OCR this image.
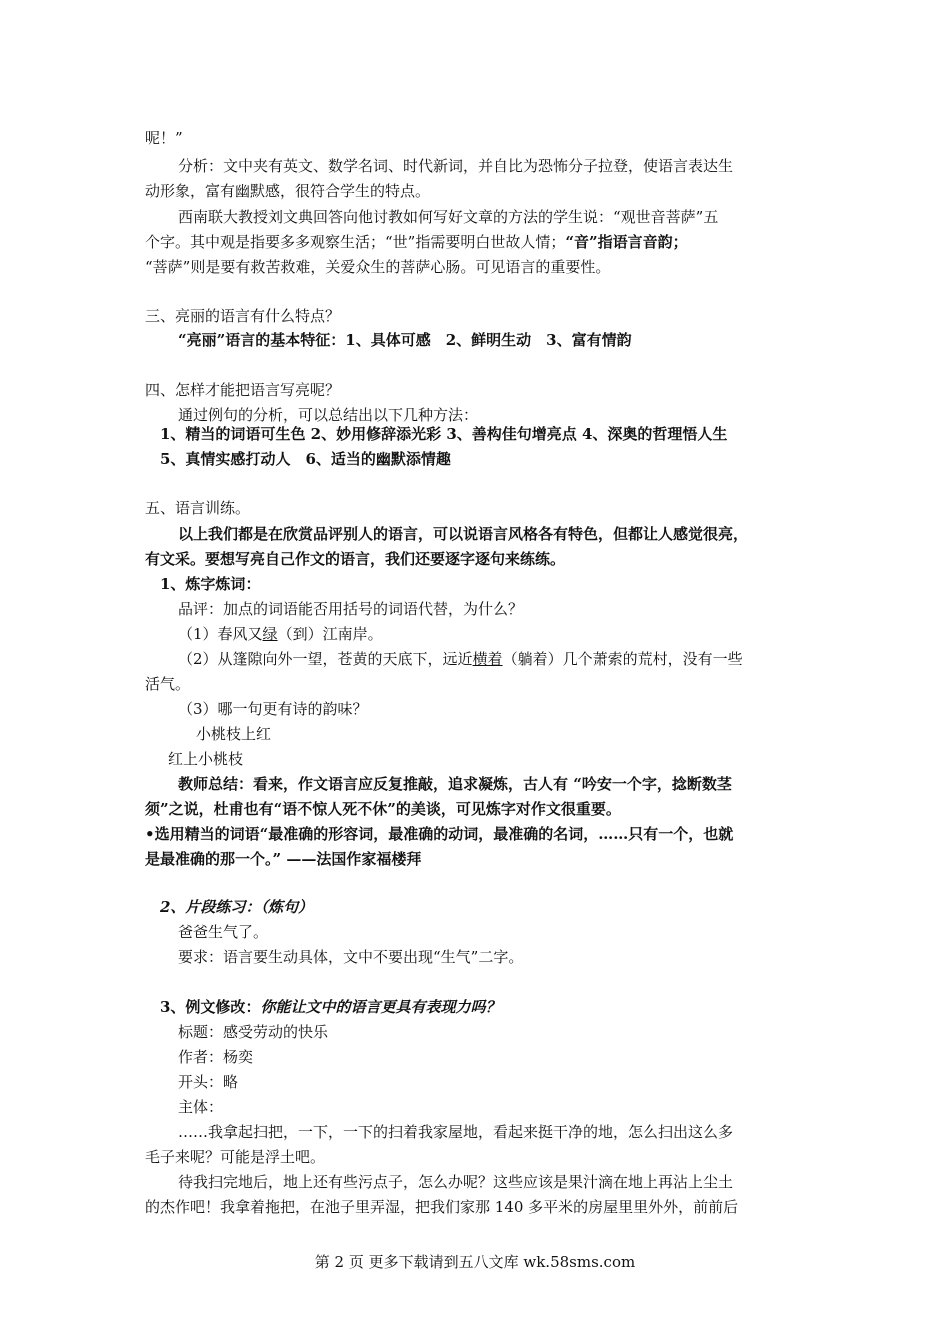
呢！”
分析：文中夹有英文、数学名词、时代新词，并自比为恐怖分子拉登，使语言表达生
动形象，富有幽默感，很符合学生的特点。
西南联大教授刘文典回答向他讨教如何写好文章的方法的学生说：“观世音菩萨”五
个字。其中观是指要多多观察生活；“世”指需要明白世故人情；“音”指语言音韵；
“菩萨”则是要有救苦救难，关爱众生的菩萨心肠。可见语言的重要性。
三、亮丽的语言有什么特点？
“亮丽”语言的基本特征：1、具体可感　2、鲜明生动　3、富有情韵
四、怎样才能把语言写亮呢？
通过例句的分析，可以总结出以下几种方法：
1、精当的词语可生色 2、妙用修辞添光彩 3、善构佳句增亮点 4、深奥的哲理悟人生
5、真情实感打动人　6、适当的幽默添情趣
五、语言训练。
以上我们都是在欣赏品评别人的语言，可以说语言风格各有特色，但都让人感觉很亮，
有文采。要想写亮自己作文的语言，我们还要逐字逐句来练练。
1、炼字炼词：
品评：加点的词语能否用括号的词语代替，为什么？
（1）春风又绿（到）江南岸。
（2）从篷隙向外一望，苍黄的天底下，远近横着（躺着）几个萧索的荒村，没有一些
活气。
（3）哪一句更有诗的韵味？
小桃枝上红
红上小桃枝
教师总结：看来，作文语言应反复推敲，追求凝炼，古人有 “吟安一个字，捻断数茎
须”之说，杜甫也有“语不惊人死不休”的美谈，可见炼字对作文很重要。
•选用精当的词语“最准确的形容词，最准确的动词，最准确的名词，……只有一个，也就
是最准确的那一个。” ——法国作家福楼拜
2、片段练习：（炼句）
爸爸生气了。
要求：语言要生动具体，文中不要出现“生气”二字。
3、例文修改：你能让文中的语言更具有表现力吗？
标题：感受劳动的快乐
作者：杨奕
开头：略
主体：
……我拿起扫把，一下，一下的扫着我家屋地，看起来挺干净的地，怎么扫出这么多
毛子来呢？可能是浮土吧。
待我扫完地后，地上还有些污点子，怎么办呢？这些应该是果汁滴在地上再沾上尘土
的杰作吧！我拿着拖把，在池子里弄湿，把我们家那 140 多平米的房屋里里外外，前前后
第 2 页 更多下载请到五八文库 wk.58sms.com
